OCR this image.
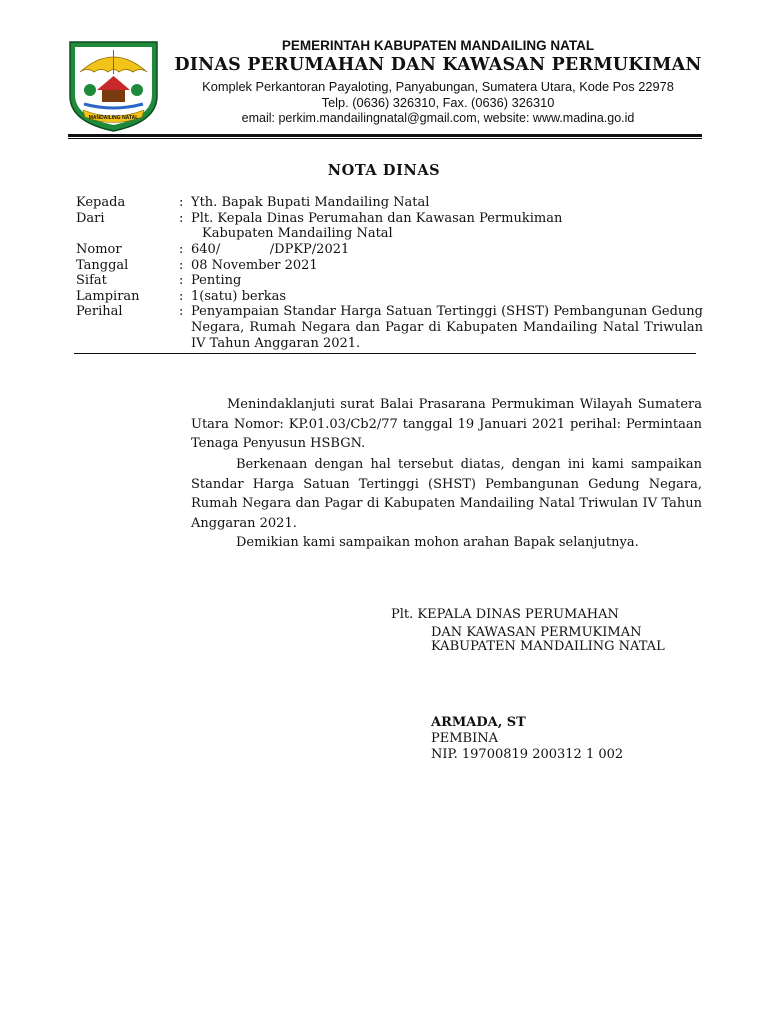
MANDAILING NATAL
PEMERINTAH KABUPATEN MANDAILING NATAL
DINAS PERUMAHAN DAN KAWASAN PERMUKIMAN
Komplek Perkantoran Payaloting, Panyabungan, Sumatera Utara, Kode Pos 22978
Telp. (0636) 326310, Fax. (0636) 326310
email: perkim.mandailingnatal@gmail.com, website: www.madina.go.id
NOTA DINAS
Kepada	: Yth. Bapak Bupati Mandailing Natal
Dari	: Plt. Kepala Dinas Perumahan dan Kawasan Permukiman
Kabupaten Mandailing Natal
Nomor	: 640/            /DPKP/2021
Tanggal	: 08 November 2021
Sifat	: Penting
Lampiran	: 1(satu) berkas
Perihal	: Penyampaian Standar Harga Satuan Tertinggi (SHST) Pembangunan Gedung Negara, Rumah Negara dan Pagar di Kabupaten Mandailing Natal Triwulan IV Tahun Anggaran 2021.
Menindaklanjuti surat Balai Prasarana Permukiman Wilayah Sumatera Utara Nomor: KP.01.03/Cb2/77 tanggal 19 Januari 2021 perihal: Permintaan Tenaga Penyusun HSBGN.
Berkenaan dengan hal tersebut diatas, dengan ini kami sampaikan Standar Harga Satuan Tertinggi (SHST) Pembangunan Gedung Negara, Rumah Negara dan Pagar di Kabupaten Mandailing Natal Triwulan IV Tahun Anggaran 2021.
Demikian kami sampaikan mohon arahan Bapak selanjutnya.
Plt. KEPALA DINAS PERUMAHAN
DAN KAWASAN PERMUKIMAN
KABUPATEN MANDAILING NATAL
ARMADA, ST
PEMBINA
NIP. 19700819 200312 1 002
